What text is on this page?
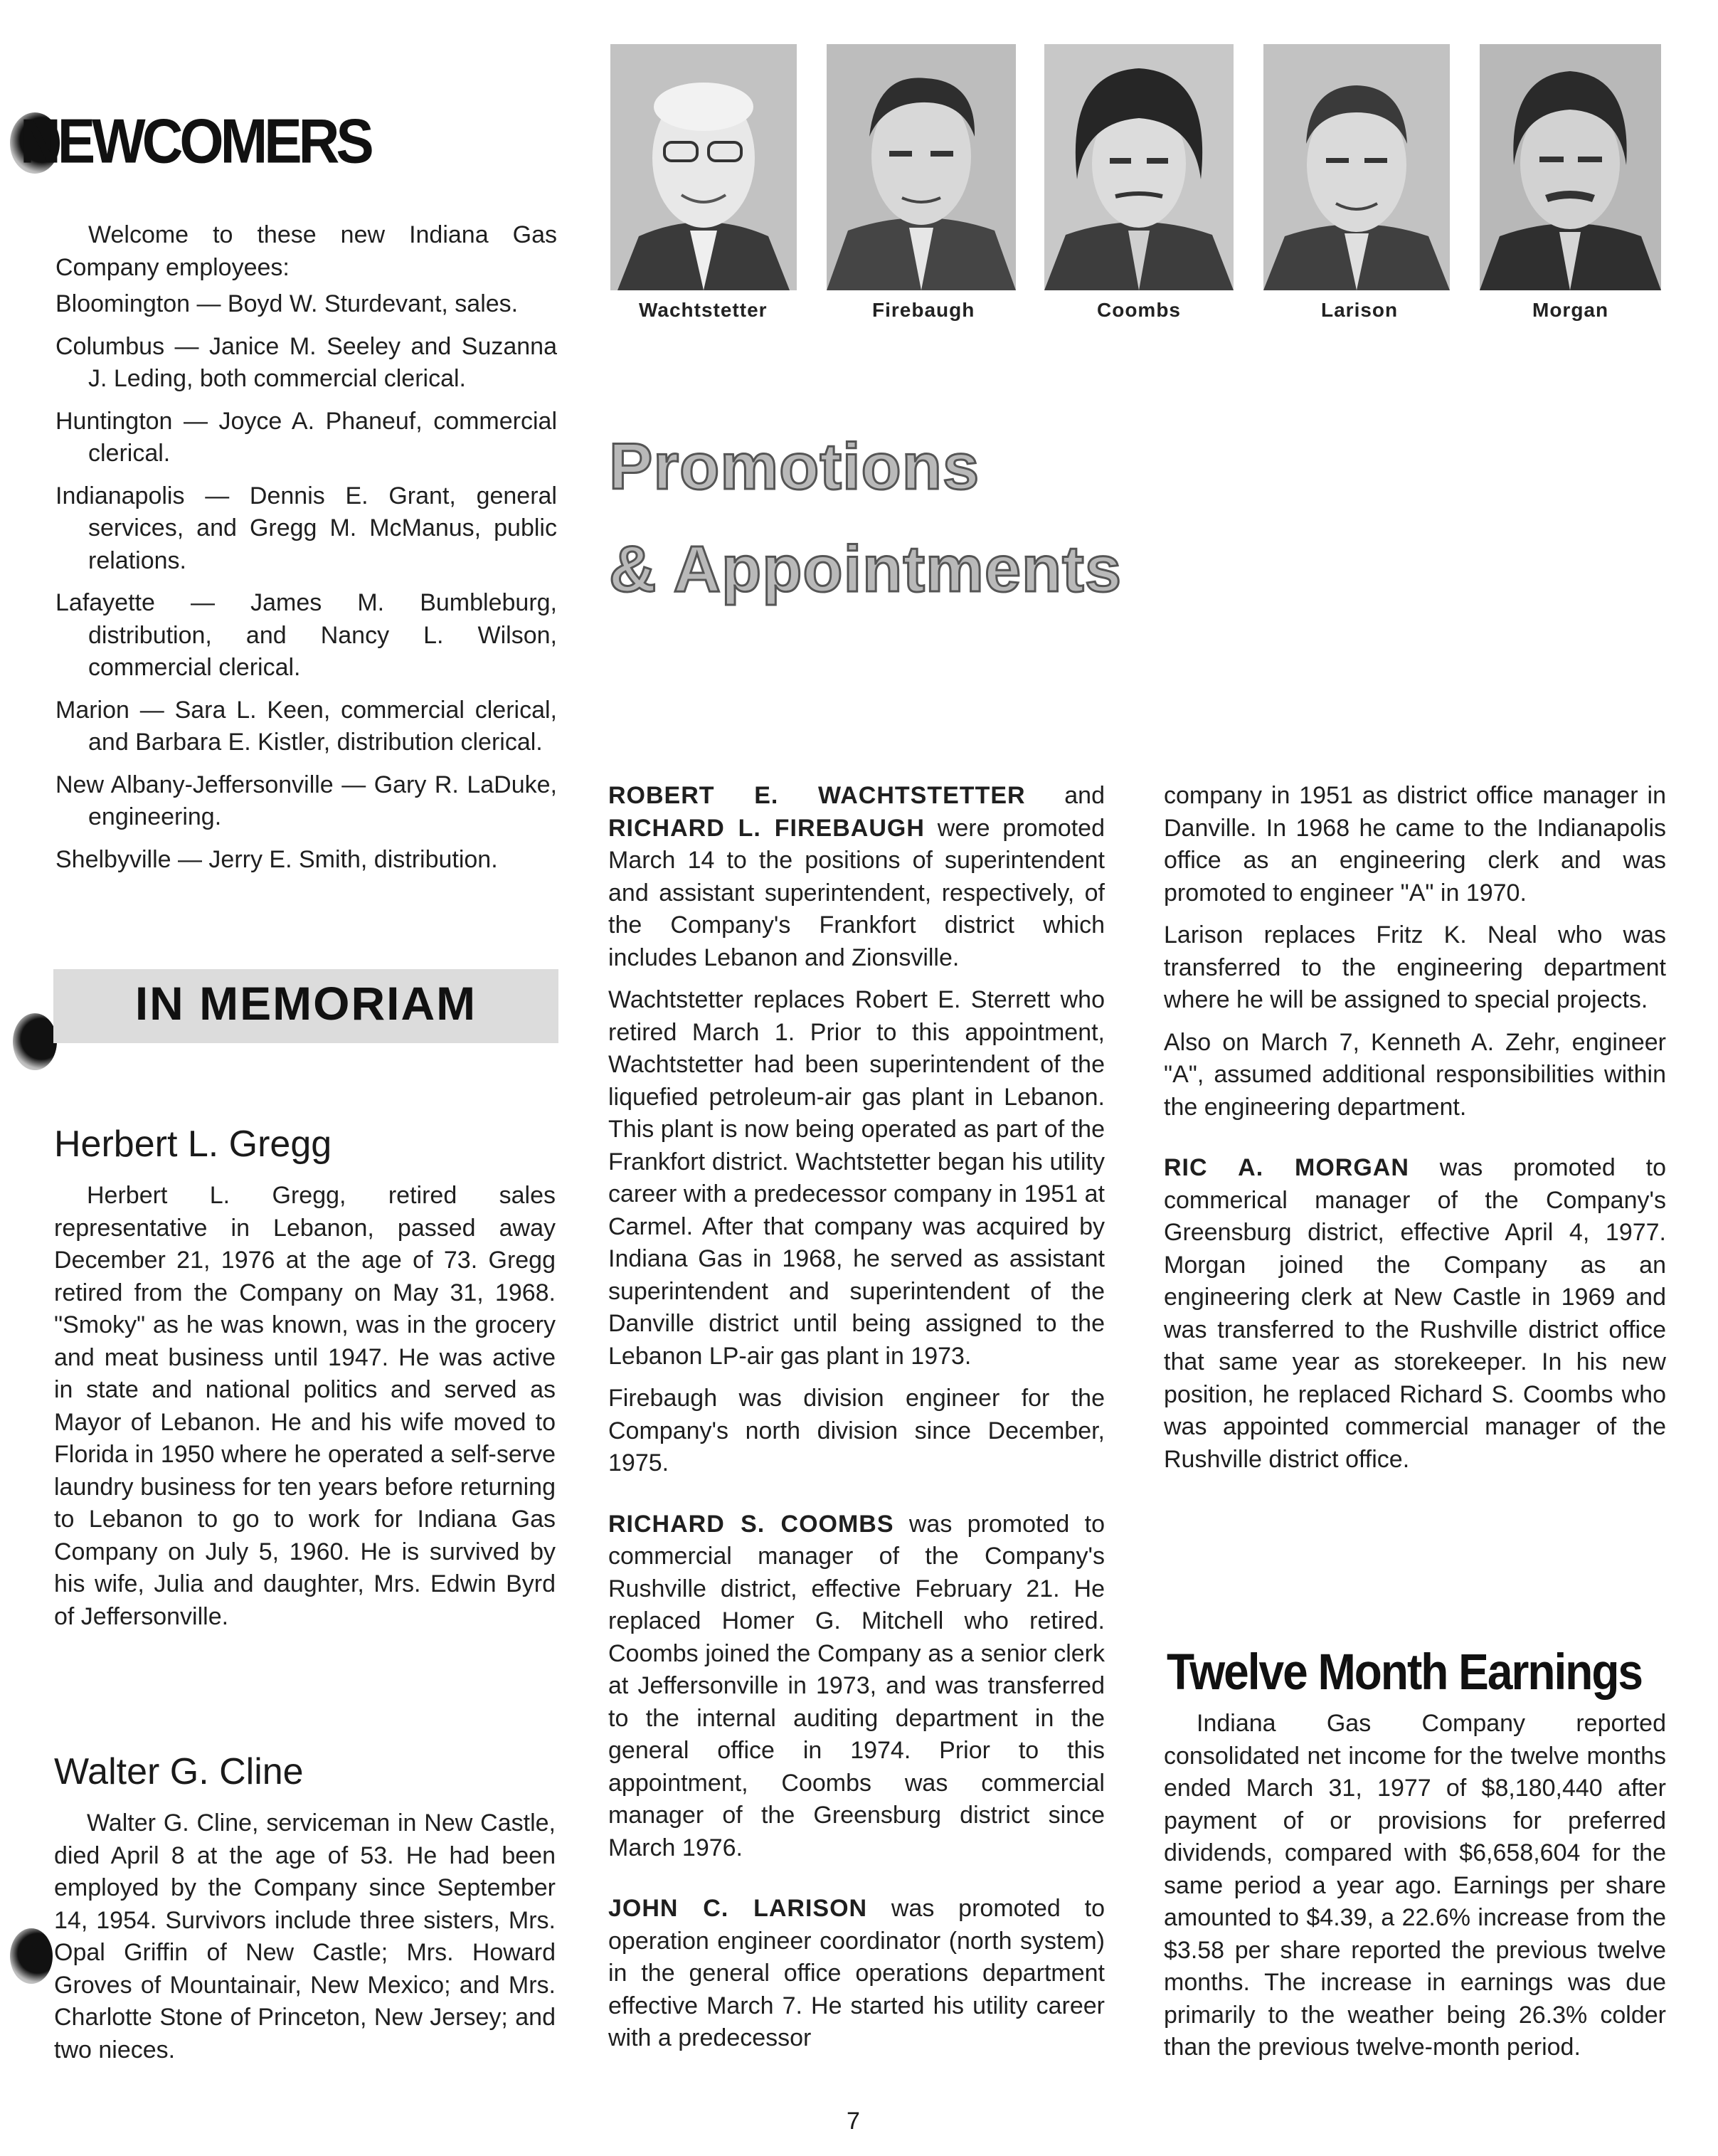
NEWCOMERS

Welcome to these new Indiana Gas Company employees:

Bloomington — Boyd W. Sturdevant, sales.

Columbus — Janice M. Seeley and Suzanna J. Leding, both commercial clerical.

Huntington — Joyce A. Phaneuf, commercial clerical.

Indianapolis — Dennis E. Grant, general services, and Gregg M. McManus, public relations.

Lafayette — James M. Bumbleburg, distribution, and Nancy L. Wilson, commercial clerical.

Marion — Sara L. Keen, commercial clerical, and Barbara E. Kistler, distribution clerical.

New Albany-Jeffersonville — Gary R. LaDuke, engineering.

Shelbyville — Jerry E. Smith, distribution.

Wachtstetter	Firebaugh	Coombs	Larison	Morgan
Promotions
& Appointments

ROBERT E. WACHTSTETTER and RICHARD L. FIREBAUGH were promoted March 14 to the positions of superintendent and assistant superintendent, respectively, of the Company's Frankfort district which includes Lebanon and Zionsville.

Wachtstetter replaces Robert E. Sterrett who retired March 1. Prior to this appointment, Wachtstetter had been superintendent of the liquefied petroleum-air gas plant in Lebanon. This plant is now being operated as part of the Frankfort district. Wachtstetter began his utility career with a predecessor company in 1951 at Carmel. After that company was acquired by Indiana Gas in 1968, he served as assistant superintendent and superintendent of the Danville district until being assigned to the Lebanon LP-air gas plant in 1973.

Firebaugh was division engineer for the Company's north division since December, 1975.

RICHARD S. COOMBS was promoted to commercial manager of the Company's Rushville district, effective February 21. He replaced Homer G. Mitchell who retired. Coombs joined the Company as a senior clerk at Jeffersonville in 1973, and was transferred to the internal auditing department in the general office in 1974. Prior to this appointment, Coombs was commercial manager of the Greensburg district since March 1976.

JOHN C. LARISON was promoted to operation engineer coordinator (north system) in the general office operations department effective March 7. He started his utility career with a predecessor

company in 1951 as district office manager in Danville. In 1968 he came to the Indianapolis office as an engineering clerk and was promoted to engineer "A" in 1970.

Larison replaces Fritz K. Neal who was transferred to the engineering department where he will be assigned to special projects.

Also on March 7, Kenneth A. Zehr, engineer "A", assumed additional responsibilities within the engineering department.

RIC A. MORGAN was promoted to commerical manager of the Company's Greensburg district, effective April 4, 1977. Morgan joined the Company as an engineering clerk at New Castle in 1969 and was transferred to the Rushville district office that same year as storekeeper. In his new position, he replaced Richard S. Coombs who was appointed commercial manager of the Rushville district office.

IN MEMORIAM
Herbert L. Gregg

Herbert L. Gregg, retired sales representative in Lebanon, passed away December 21, 1976 at the age of 73. Gregg retired from the Company on May 31, 1968. "Smoky" as he was known, was in the grocery and meat business until 1947. He was active in state and national politics and served as Mayor of Lebanon. He and his wife moved to Florida in 1950 where he operated a self-serve laundry business for ten years before returning to Lebanon to go to work for Indiana Gas Company on July 5, 1960. He is survived by his wife, Julia and daughter, Mrs. Edwin Byrd of Jeffersonville.

Walter G. Cline

Walter G. Cline, serviceman in New Castle, died April 8 at the age of 53. He had been employed by the Company since September 14, 1954. Survivors include three sisters, Mrs. Opal Griffin of New Castle; Mrs. Howard Groves of Mountainair, New Mexico; and Mrs. Charlotte Stone of Princeton, New Jersey; and two nieces.

Twelve Month Earnings

Indiana Gas Company reported consolidated net income for the twelve months ended March 31, 1977 of $8,180,440 after payment of or provisions for preferred dividends, compared with $6,658,604 for the same period a year ago. Earnings per share amounted to $4.39, a 22.6% increase from the $3.58 per share reported the previous twelve months. The increase in earnings was due primarily to the weather being 26.3% colder than the previous twelve-month period.

7
